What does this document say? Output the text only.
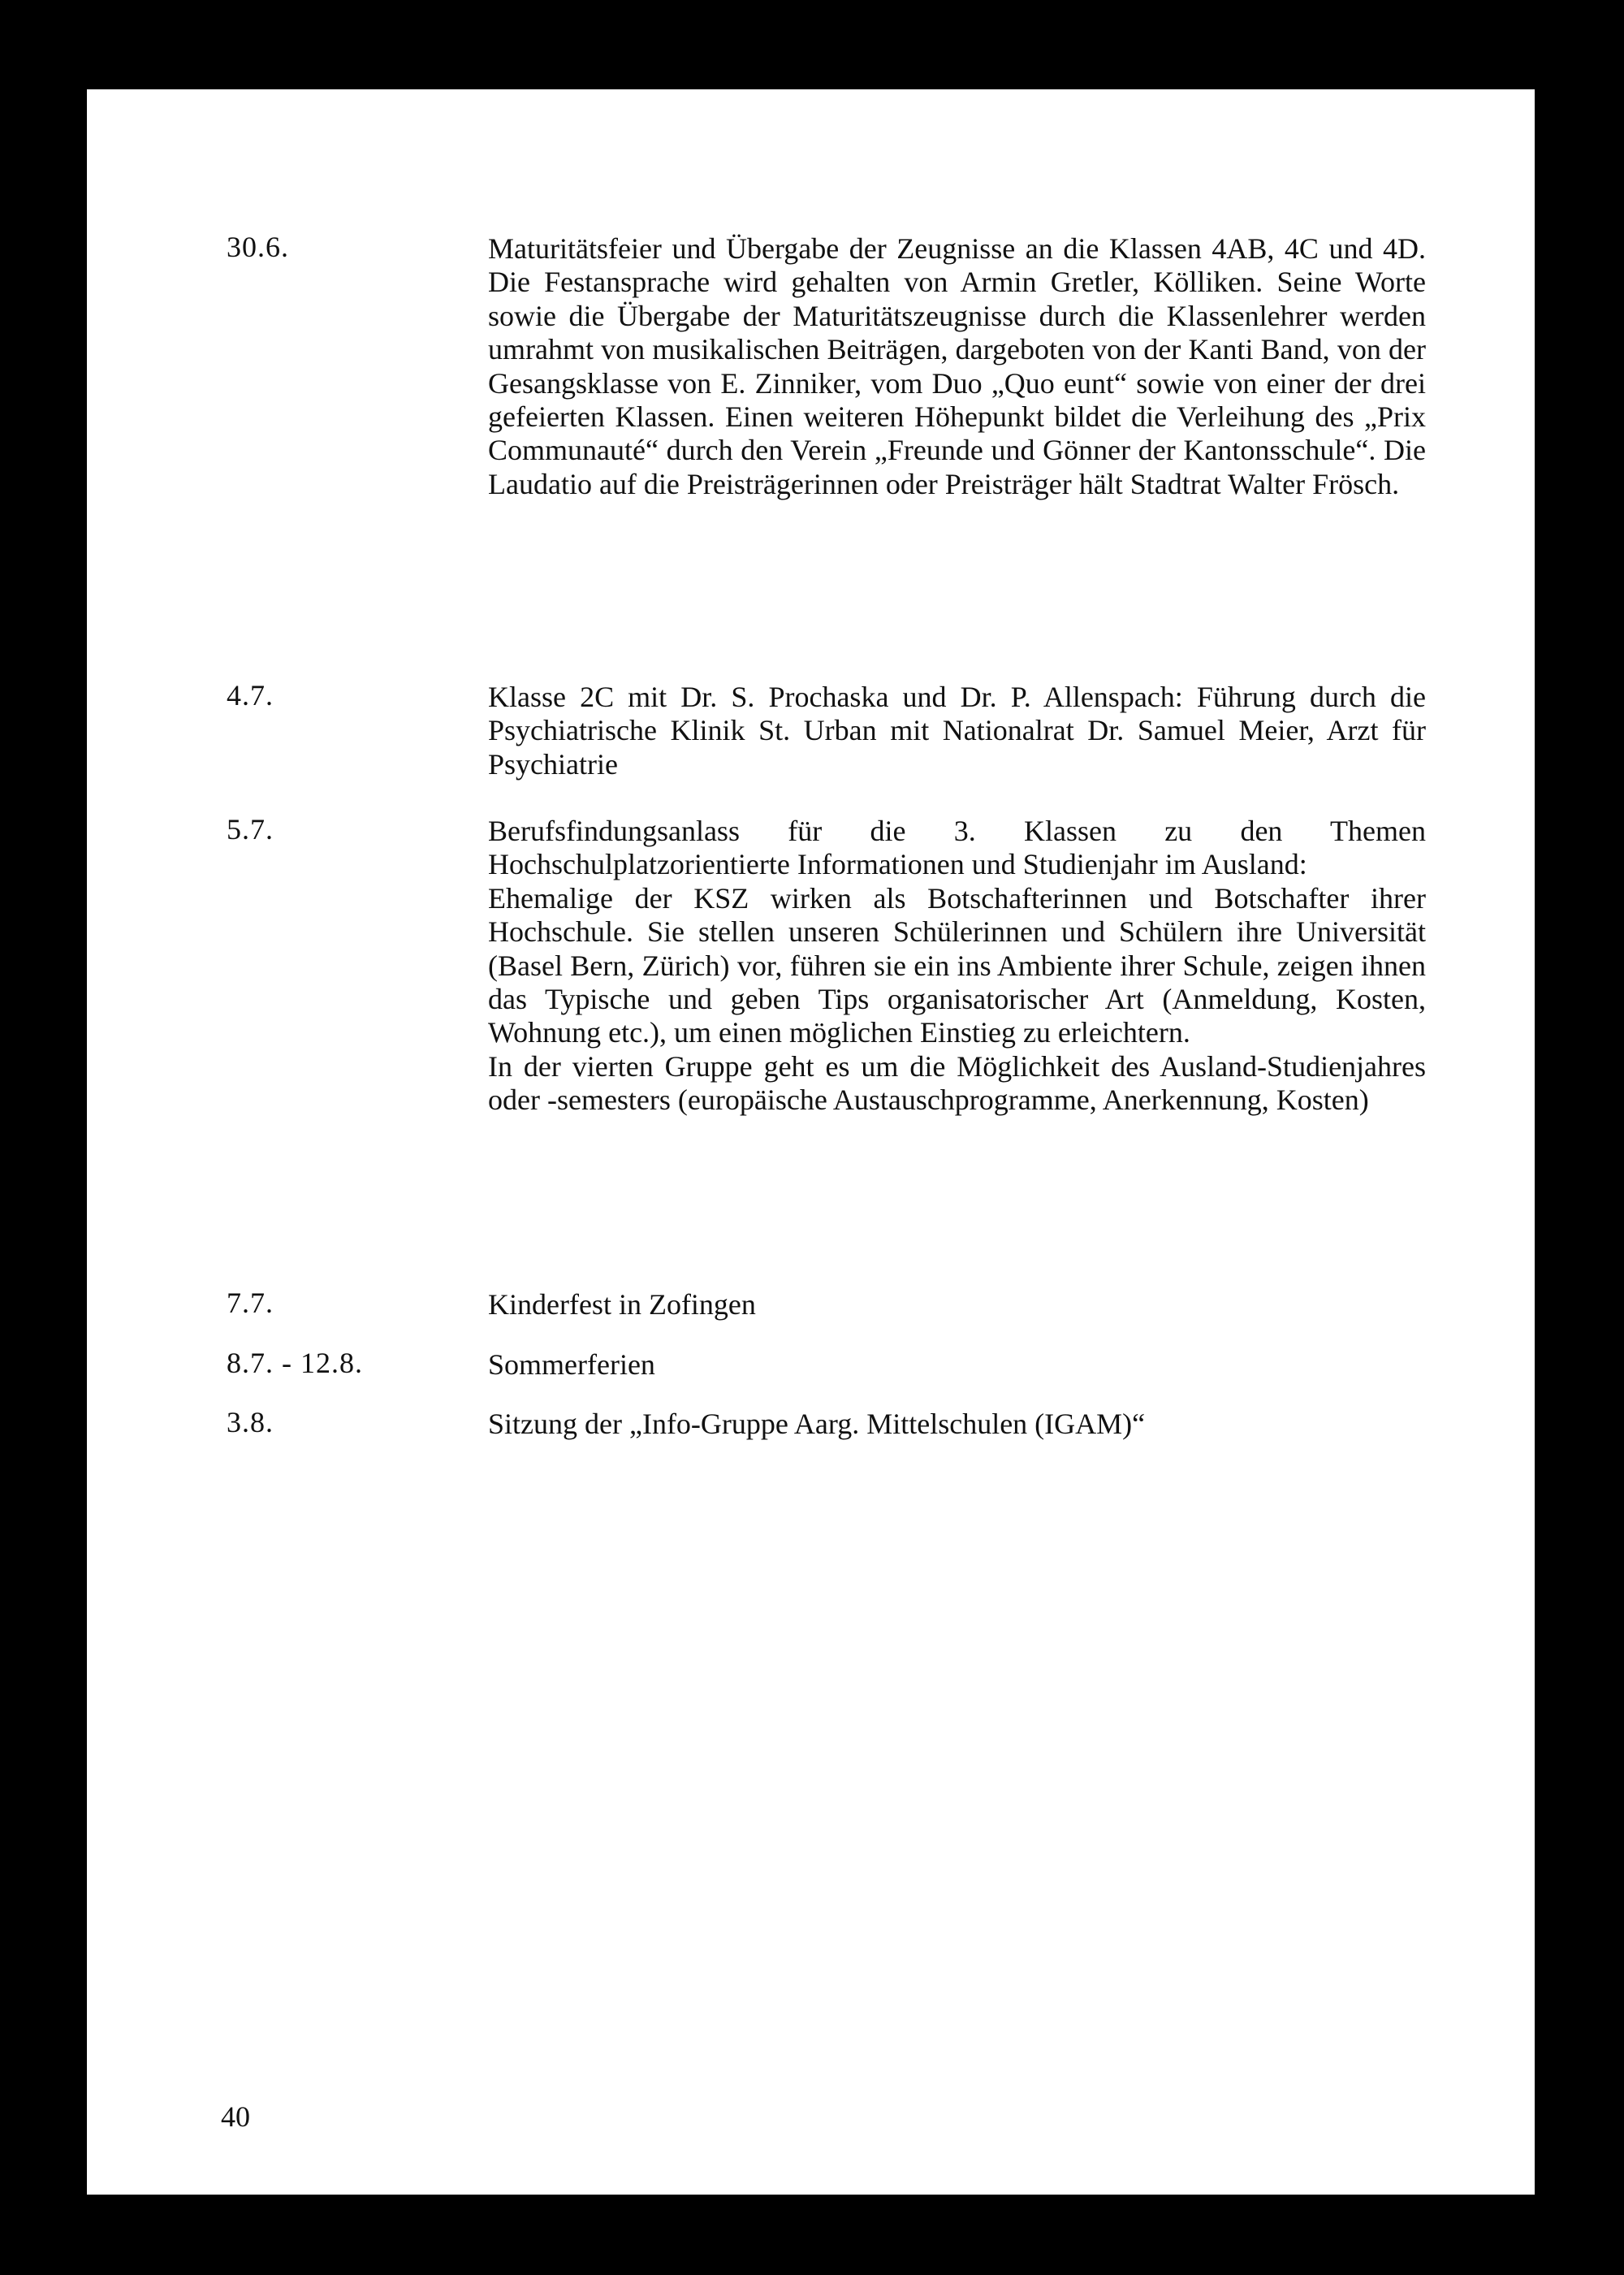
30.6.	Maturitätsfeier und Übergabe der Zeugnisse an die Klassen 4AB, 4C und 4D. Die Festansprache wird gehalten von Armin Gretler, Kölliken. Seine Worte sowie die Übergabe der Maturitätszeugnisse durch die Klassenlehrer werden umrahmt von musikalischen Beiträgen, dargeboten von der Kanti Band, von der Gesangsklasse von E. Zinniker, vom Duo „Quo eunt“ sowie von einer der drei gefeierten Klassen. Einen weiteren Höhepunkt bildet die Verleihung des „Prix Communauté“ durch den Verein „Freunde und Gönner der Kantonsschule“. Die Laudatio auf die Preisträgerinnen oder Preisträger hält Stadtrat Walter Frösch.

4.7.	Klasse 2C mit Dr. S. Prochaska und Dr. P. Allenspach: Führung durch die Psychiatrische Klinik St. Urban mit Nationalrat Dr. Samuel Meier, Arzt für Psychiatrie

5.7.	Berufsfindungsanlass für die 3. Klassen zu den Themen Hochschulplatzorientierte Informationen und Studienjahr im Ausland:

Ehemalige der KSZ wirken als Botschafterinnen und Botschafter ihrer Hochschule. Sie stellen unseren Schülerinnen und Schülern ihre Universität (Basel Bern, Zürich) vor, führen sie ein ins Ambiente ihrer Schule, zeigen ihnen das Typische und geben Tips organisatorischer Art (Anmeldung, Kosten, Wohnung etc.), um einen möglichen Einstieg zu erleichtern.

In der vierten Gruppe geht es um die Möglichkeit des Ausland-Studienjahres oder -semesters (europäische Austauschprogramme, Anerkennung, Kosten)

7.7.	Kinderfest in Zofingen

8.7. - 12.8.	Sommerferien

3.8.	Sitzung der „Info-Gruppe Aarg. Mittelschulen (IGAM)“

40
